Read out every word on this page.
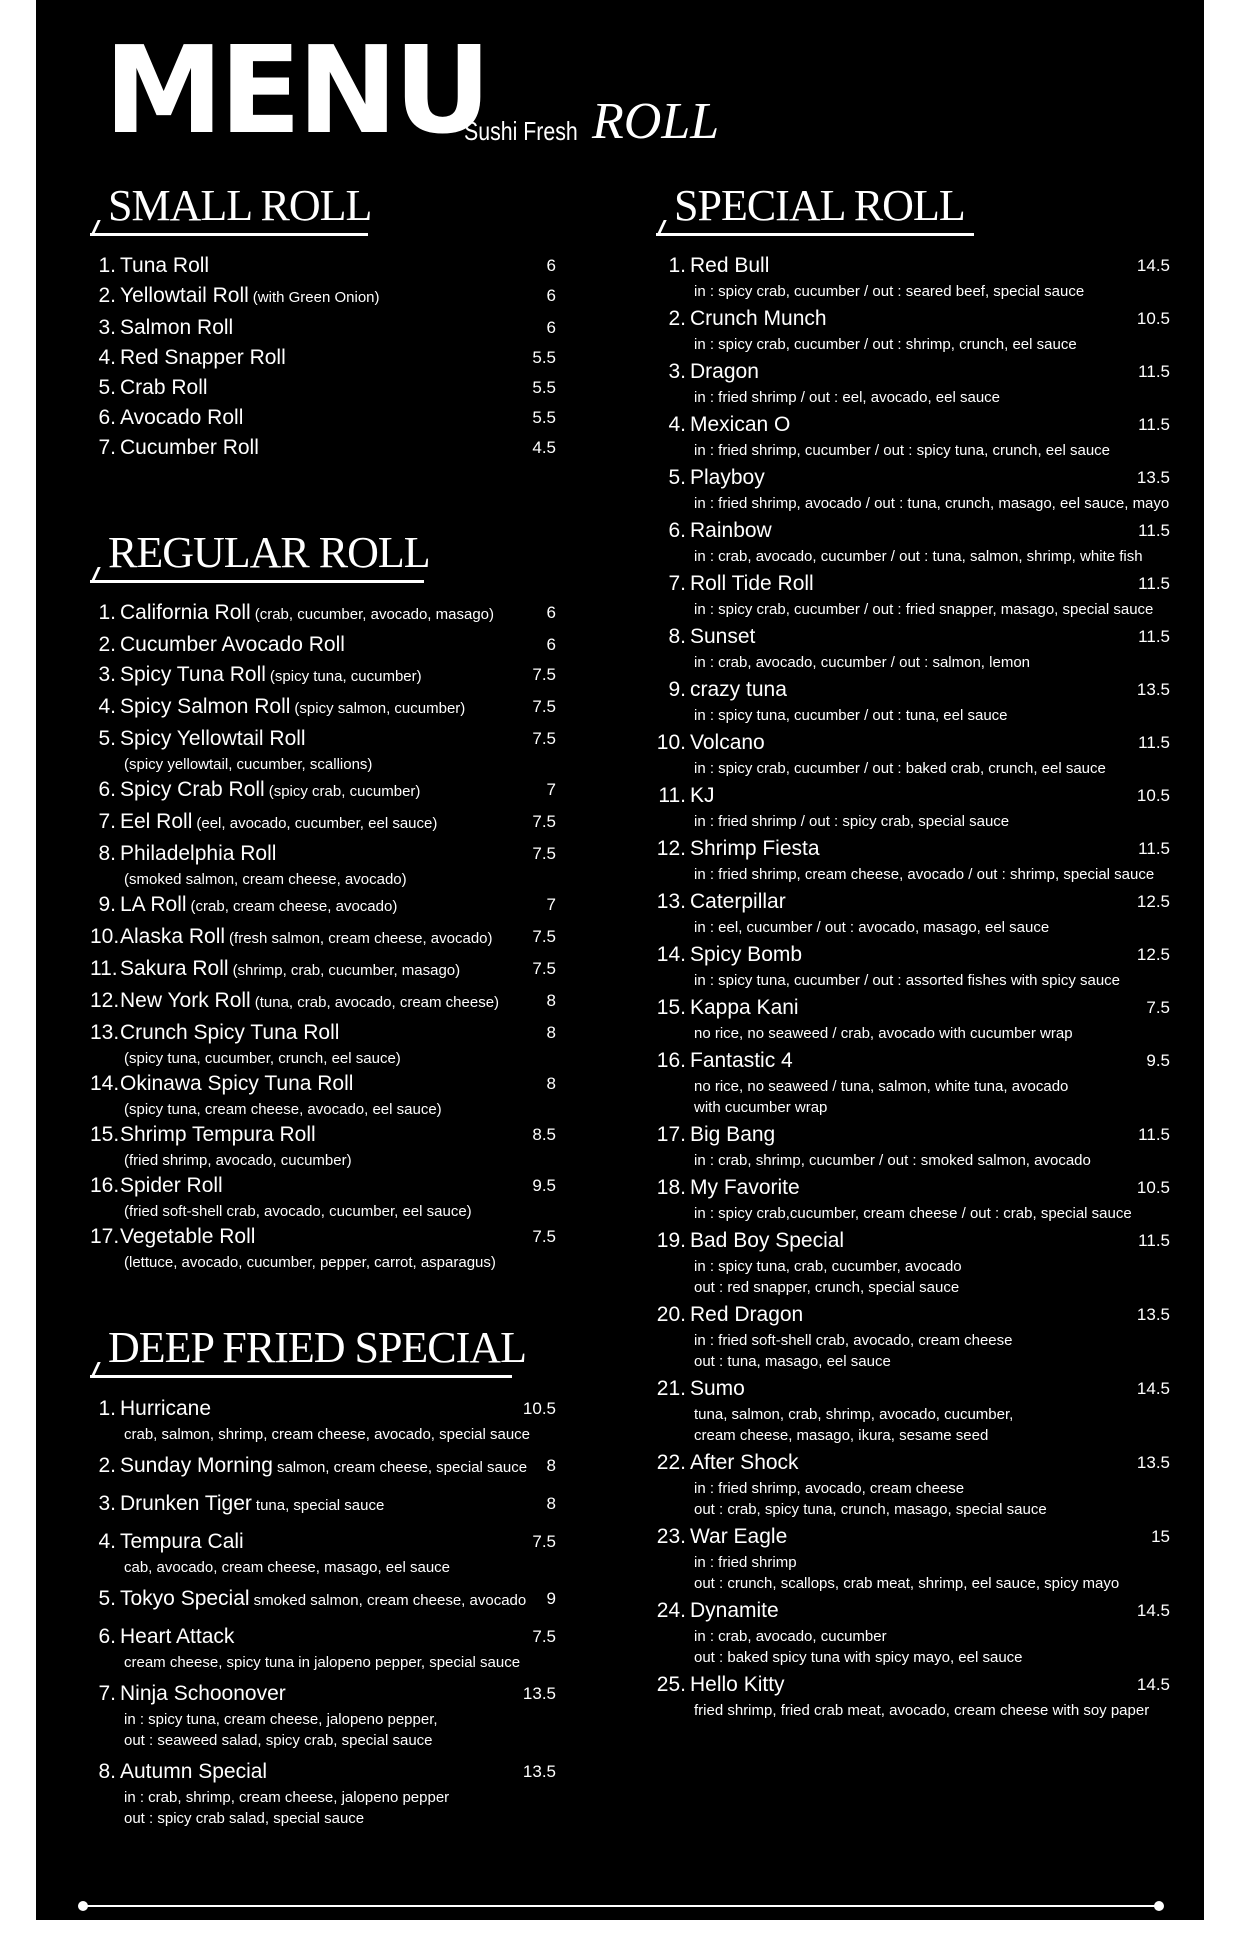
MENU
Sushi Fresh ROLL
SMALL ROLL
1. Tuna Roll	6
2. Yellowtail Roll (with Green Onion)	6
3. Salmon Roll	6
4. Red Snapper Roll	5.5
5. Crab Roll	5.5
6. Avocado Roll	5.5
7. Cucumber Roll	4.5
REGULAR ROLL
1. California Roll (crab, cucumber, avocado, masago)	6
2. Cucumber Avocado Roll	6
3. Spicy Tuna Roll (spicy tuna, cucumber)	7.5
4. Spicy Salmon Roll (spicy salmon, cucumber)	7.5
5. Spicy Yellowtail Roll	7.5
(spicy yellowtail, cucumber, scallions)
6. Spicy Crab Roll (spicy crab, cucumber)	7
7. Eel Roll (eel, avocado, cucumber, eel sauce)	7.5
8. Philadelphia Roll	7.5
(smoked salmon, cream cheese, avocado)
9. LA Roll (crab, cream cheese, avocado)	7
10. Alaska Roll (fresh salmon, cream cheese, avocado) 7.5
11. Sakura Roll (shrimp, crab, cucumber, masago)	7.5
12. New York Roll (tuna, crab, avocado, cream cheese)	8
13. Crunch Spicy Tuna Roll	8
(spicy tuna, cucumber, crunch, eel sauce)
14. Okinawa Spicy Tuna Roll	8
(spicy tuna, cream cheese, avocado, eel sauce)
15. Shrimp Tempura Roll	8.5
(fried shrimp, avocado, cucumber)
16. Spider Roll	9.5
(fried soft-shell crab, avocado, cucumber, eel sauce)
17. Vegetable Roll	7.5
(lettuce, avocado, cucumber, pepper, carrot, asparagus)
DEEP FRIED SPECIAL
1. Hurricane	10.5
crab, salmon, shrimp, cream cheese, avocado, special sauce
2. Sunday Morning salmon, cream cheese, special sauce 8
3. Drunken Tiger tuna, special sauce	8
4. Tempura Cali	7.5
cab, avocado, cream cheese, masago, eel sauce
5. Tokyo Special smoked salmon, cream cheese, avocado 9
6. Heart Attack	7.5
cream cheese, spicy tuna in jalopeno pepper, special sauce
7. Ninja Schoonover	13.5
in : spicy tuna, cream cheese, jalopeno pepper,
out : seaweed salad, spicy crab, special sauce
8. Autumn Special	13.5
in : crab, shrimp, cream cheese, jalopeno pepper
out : spicy crab salad, special sauce
SPECIAL ROLL
1. Red Bull	14.5
in : spicy crab, cucumber / out : seared beef, special sauce
2. Crunch Munch	10.5
in : spicy crab, cucumber / out : shrimp, crunch, eel sauce
3. Dragon	11.5
in : fried shrimp / out : eel, avocado, eel sauce
4. Mexican O	11.5
in : fried shrimp, cucumber / out : spicy tuna, crunch, eel sauce
5. Playboy	13.5
in : fried shrimp, avocado / out : tuna, crunch, masago, eel sauce, mayo
6. Rainbow	11.5
in : crab, avocado, cucumber / out : tuna, salmon, shrimp, white fish
7. Roll Tide Roll	11.5
in : spicy crab, cucumber / out : fried snapper, masago, special sauce
8. Sunset	11.5
in : crab, avocado, cucumber / out : salmon, lemon
9. crazy tuna	13.5
in : spicy tuna, cucumber / out : tuna, eel sauce
10. Volcano	11.5
in : spicy crab, cucumber / out : baked crab, crunch, eel sauce
11. KJ	10.5
in : fried shrimp / out : spicy crab, special sauce
12. Shrimp Fiesta	11.5
in : fried shrimp, cream cheese, avocado / out : shrimp, special sauce
13. Caterpillar	12.5
in : eel, cucumber / out : avocado, masago, eel sauce
14. Spicy Bomb	12.5
in : spicy tuna, cucumber / out : assorted fishes with spicy sauce
15. Kappa Kani	7.5
no rice, no seaweed / crab, avocado with cucumber wrap
16. Fantastic 4	9.5
no rice, no seaweed / tuna, salmon, white tuna, avocado
with cucumber wrap
17. Big Bang	11.5
in : crab, shrimp, cucumber / out : smoked salmon, avocado
18. My Favorite	10.5
in : spicy crab,cucumber, cream cheese / out : crab, special sauce
19. Bad Boy Special	11.5
in : spicy tuna, crab, cucumber, avocado
out : red snapper, crunch, special sauce
20. Red Dragon	13.5
in : fried soft-shell crab, avocado, cream cheese
out : tuna, masago, eel sauce
21. Sumo	14.5
tuna, salmon, crab, shrimp, avocado, cucumber,
cream cheese, masago, ikura, sesame seed
22. After Shock	13.5
in : fried shrimp, avocado, cream cheese
out : crab, spicy tuna, crunch, masago, special sauce
23. War Eagle	15
in : fried shrimp
out : crunch, scallops, crab meat, shrimp, eel sauce, spicy mayo
24. Dynamite	14.5
in : crab, avocado, cucumber
out : baked spicy tuna with spicy mayo, eel sauce
25. Hello Kitty	14.5
fried shrimp, fried crab meat, avocado, cream cheese with soy paper
Eating or consuming raw or undercooked fish, meat, poultry, seafood or egg can cause illness especially in young, old and immune compromised people.
